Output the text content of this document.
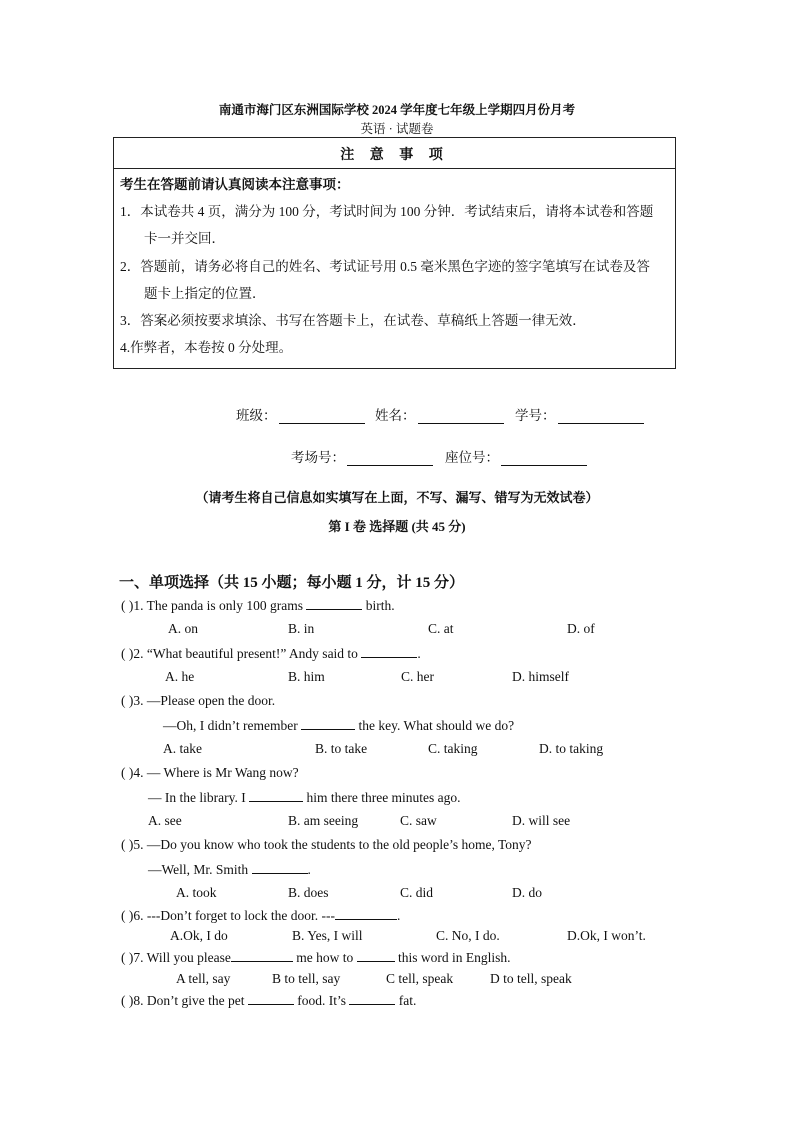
南通市海门区东洲国际学校 2024 学年度七年级上学期四月份月考
英语 · 试题卷
注 意 事 项
考生在答题前请认真阅读本注意事项：
1．本试卷共 4 页，满分为 100 分，考试时间为 100 分钟．考试结束后，请将本试卷和答题
卡一并交回．
2．答题前，请务必将自己的姓名、考试证号用 0.5 毫米黑色字迹的签字笔填写在试卷及答
题卡上指定的位置．
3．答案必须按要求填涂、书写在答题卡上，在试卷、草稿纸上答题一律无效．
4.作弊者，本卷按 0 分处理。
班级：	姓名：	学号：
考场号：	座位号：
（请考生将自己信息如实填写在上面，不写、漏写、错写为无效试卷）
第 I 卷 选择题 (共 45 分)
一、单项选择（共 15 小题；每小题 1 分，计 15 分）
( )1. The panda is only 100 grams	birth.
A. on	B. in	C. at	D. of
( )2. “What beautiful present!” Andy said to	.
A. he	B. him	C. her	D. himself
( )3. —Please open the door.
—Oh, I didn’t remember	the key. What should we do?
A. take	B. to take	C. taking	D. to taking
( )4. — Where is Mr Wang now?
— In the library. I	him there three minutes ago.
A. see	B. am seeing	C. saw	D. will see
( )5. —Do you know who took the students to the old people’s home, Tony?
—Well, Mr. Smith	.
A. took	B. does	C. did	D. do
( )6. ---Don’t forget to lock the door. ---	.
A.Ok, I do	B. Yes, I will	C. No, I do.	D.Ok, I won’t.
( )7. Will you please	me how to	this word in English.
A tell, say	B to tell, say	C tell, speak	D to tell, speak
( )8. Don’t give the pet	food. It’s	fat.
